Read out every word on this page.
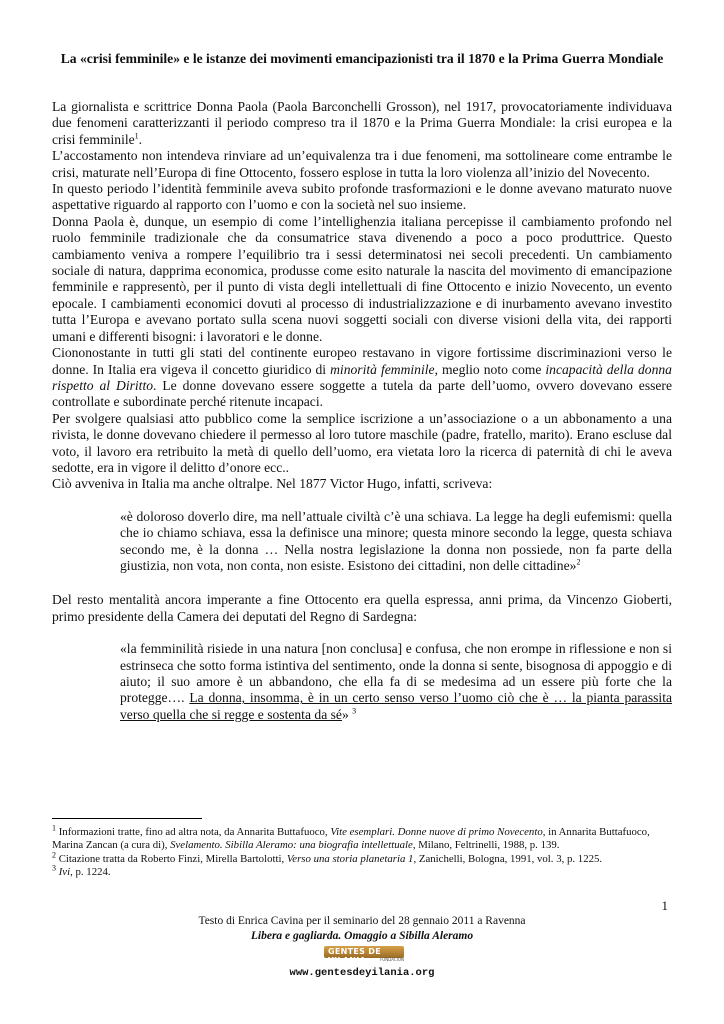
La «crisi femminile» e le istanze dei movimenti emancipazionisti tra il 1870 e la Prima Guerra Mondiale

La giornalista e scrittrice Donna Paola (Paola Barconchelli Grosson), nel 1917, provocatoriamente individuava due fenomeni caratterizzanti il periodo compreso tra il 1870 e la Prima Guerra Mondiale: la crisi europea e la crisi femminile$^1$.

L’accostamento non intendeva rinviare ad un’equivalenza tra i due fenomeni, ma sottolineare come entrambe le crisi, maturate nell’Europa di fine Ottocento, fossero esplose in tutta la loro violenza all’inizio del Novecento.

In questo periodo l’identità femminile aveva subito profonde trasformazioni e le donne avevano maturato nuove aspettative riguardo al rapporto con l’uomo e con la società nel suo insieme.

Donna Paola è, dunque, un esempio di come l’intellighenzia italiana percepisse il cambiamento profondo nel ruolo femminile tradizionale che da consumatrice stava divenendo a poco a poco produttrice. Questo cambiamento veniva a rompere l’equilibrio tra i sessi determinatosi nei secoli precedenti. Un cambiamento sociale di natura, dapprima economica, produsse come esito naturale la nascita del movimento di emancipazione femminile e rappresentò, per il punto di vista degli intellettuali di fine Ottocento e inizio Novecento, un evento epocale. I cambiamenti economici dovuti al processo di industrializzazione e di inurbamento avevano investito tutta l’Europa e avevano portato sulla scena nuovi soggetti sociali con diverse visioni della vita, dei rapporti umani e differenti bisogni: i lavoratori e le donne.

Ciononostante in tutti gli stati del continente europeo restavano in vigore fortissime discriminazioni verso le donne. In Italia era vigeva il concetto giuridico di minorità femminile, meglio noto come incapacità della donna rispetto al Diritto. Le donne dovevano essere soggette a tutela da parte dell’uomo, ovvero dovevano essere controllate e subordinate perché ritenute incapaci.

Per svolgere qualsiasi atto pubblico come la semplice iscrizione a un’associazione o a un abbonamento a una rivista, le donne dovevano chiedere il permesso al loro tutore maschile (padre, fratello, marito). Erano escluse dal voto, il lavoro era retribuito la metà di quello dell’uomo, era vietata loro la ricerca di paternità di chi le aveva sedotte, era in vigore il delitto d’onore ecc..

Ciò avveniva in Italia ma anche oltralpe. Nel 1877 Victor Hugo, infatti, scriveva:

«è doloroso doverlo dire, ma nell’attuale civiltà c’è una schiava. La legge ha degli eufemismi: quella che io chiamo schiava, essa la definisce una minore; questa minore secondo la legge, questa schiava secondo me, è la donna … Nella nostra legislazione la donna non possiede, non fa parte della giustizia, non vota, non conta, non esiste. Esistono dei cittadini, non delle cittadine»$^2$

Del resto mentalità ancora imperante a fine Ottocento era quella espressa, anni prima, da Vincenzo Gioberti, primo presidente della Camera dei deputati del Regno di Sardegna:

«la femminilità risiede in una natura [non conclusa] e confusa, che non erompe in riflessione e non si estrinseca che sotto forma istintiva del sentimento, onde la donna si sente, bisognosa di appoggio e di aiuto; il suo amore è un abbandono, che ella fa di se medesima ad un essere più forte che la protegge…. La donna, insomma, è in un certo senso verso l’uomo ciò che è … la pianta parassita verso quella che si regge e sostenta da sé» $^3$

$^1$ Informazioni tratte, fino ad altra nota, da Annarita Buttafuoco, Vite esemplari. Donne nuove di primo Novecento, in Annarita Buttafuoco, Marina Zancan (a cura di), Svelamento. Sibilla Aleramo: una biografia intellettuale, Milano, Feltrinelli, 1988, p. 139.

$^2$ Citazione tratta da Roberto Finzi, Mirella Bartolotti, Verso una storia planetaria 1, Zanichelli, Bologna, 1991, vol. 3, p. 1225.

$^3$ Ivi, p. 1224.

1
Testo di Enrica Cavina per il seminario del 28 gennaio 2011 a Ravenna
Libera e gagliarda. Omaggio a Sibilla Aleramo
GENTES DE YILANIA	FUNDACIÓN
www.gentesdeyilania.org
